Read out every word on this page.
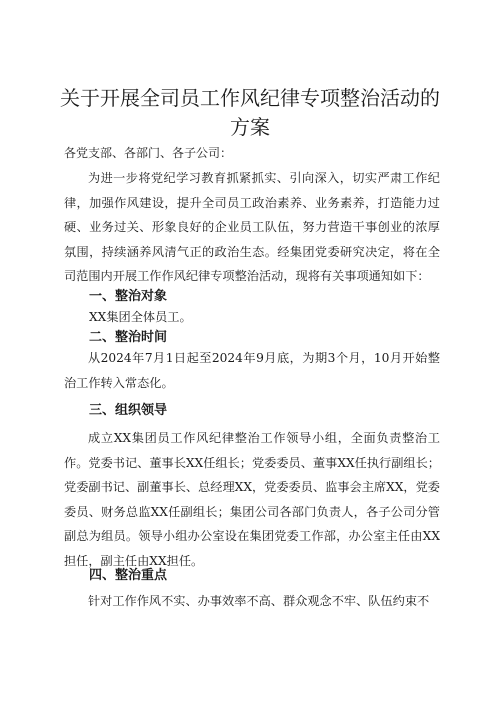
关于开展全司员工作风纪律专项整治活动的方案

各党支部、各部门、各子公司：

为进一步将党纪学习教育抓紧抓实、引向深入，切实严肃工作纪律，加强作风建设，提升全司员工政治素养、业务素养，打造能力过硬、业务过关、形象良好的企业员工队伍，努力营造干事创业的浓厚氛围，持续涵养风清气正的政治生态。经集团党委研究决定，将在全司范围内开展工作作风纪律专项整治活动，现将有关事项通知如下：

一、整治对象

XX集团全体员工。

二、整治时间

从2024年7月1日起至2024年9月底，为期3个月，10月开始整治工作转入常态化。

三、组织领导

成立XX集团员工作风纪律整治工作领导小组，全面负责整治工作。党委书记、董事长XX任组长；党委委员、董事XX任执行副组长；党委副书记、副董事长、总经理XX，党委委员、监事会主席XX，党委委员、财务总监XX任副组长；集团公司各部门负责人，各子公司分管副总为组员。领导小组办公室设在集团党委工作部，办公室主任由XX担任，副主任由XX担任。

四、整治重点

针对工作作风不实、办事效率不高、群众观念不牢、队伍约束不
